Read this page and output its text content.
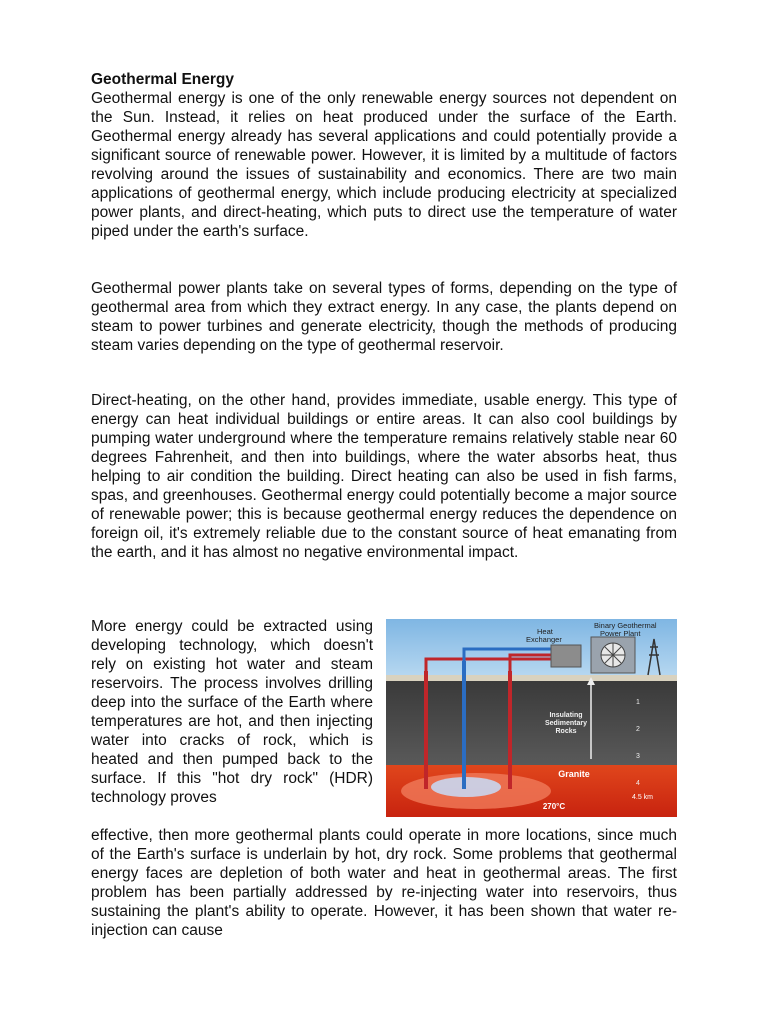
Geothermal Energy

Geothermal energy is one of the only renewable energy sources not dependent on the Sun. Instead, it relies on heat produced under the surface of the Earth. Geothermal energy already has several applications and could potentially provide a significant source of renewable power. However, it is limited by a multitude of factors revolving around the issues of sustainability and economics. There are two main applications of geothermal energy, which include producing electricity at specialized power plants, and direct-heating, which puts to direct use the temperature of water piped under the earth's surface.

Geothermal power plants take on several types of forms, depending on the type of geothermal area from which they extract energy. In any case, the plants depend on steam to power turbines and generate electricity, though the methods of producing steam varies depending on the type of geothermal reservoir.

Direct-heating, on the other hand, provides immediate, usable energy. This type of energy can heat individual buildings or entire areas. It can also cool buildings by pumping water underground where the temperature remains relatively stable near 60 degrees Fahrenheit, and then into buildings, where the water absorbs heat, thus helping to air condition the building. Direct heating can also be used in fish farms, spas, and greenhouses. Geothermal energy could potentially become a major source of renewable power; this is because geothermal energy reduces the dependence on foreign oil, it's extremely reliable due to the constant source of heat emanating from the earth, and it has almost no negative environmental impact.

More energy could be extracted using developing technology, which doesn't rely on existing hot water and steam reservoirs. The process involves drilling deep into the surface of the Earth where temperatures are hot, and then injecting water into cracks of rock, which is heated and then pumped back to the surface. If this "hot dry rock" (HDR) technology proves

Binary Geothermal
Power Plant
Heat
Exchanger
Insulating
Sedimentary
Rocks
Granite
270°C
1
2
3
4
4.5 km

effective, then more geothermal plants could operate in more locations, since much of the Earth's surface is underlain by hot, dry rock. Some problems that geothermal energy faces are depletion of both water and heat in geothermal areas. The first problem has been partially addressed by re-injecting water into reservoirs, thus sustaining the plant's ability to operate. However, it has been shown that water re-injection can cause
